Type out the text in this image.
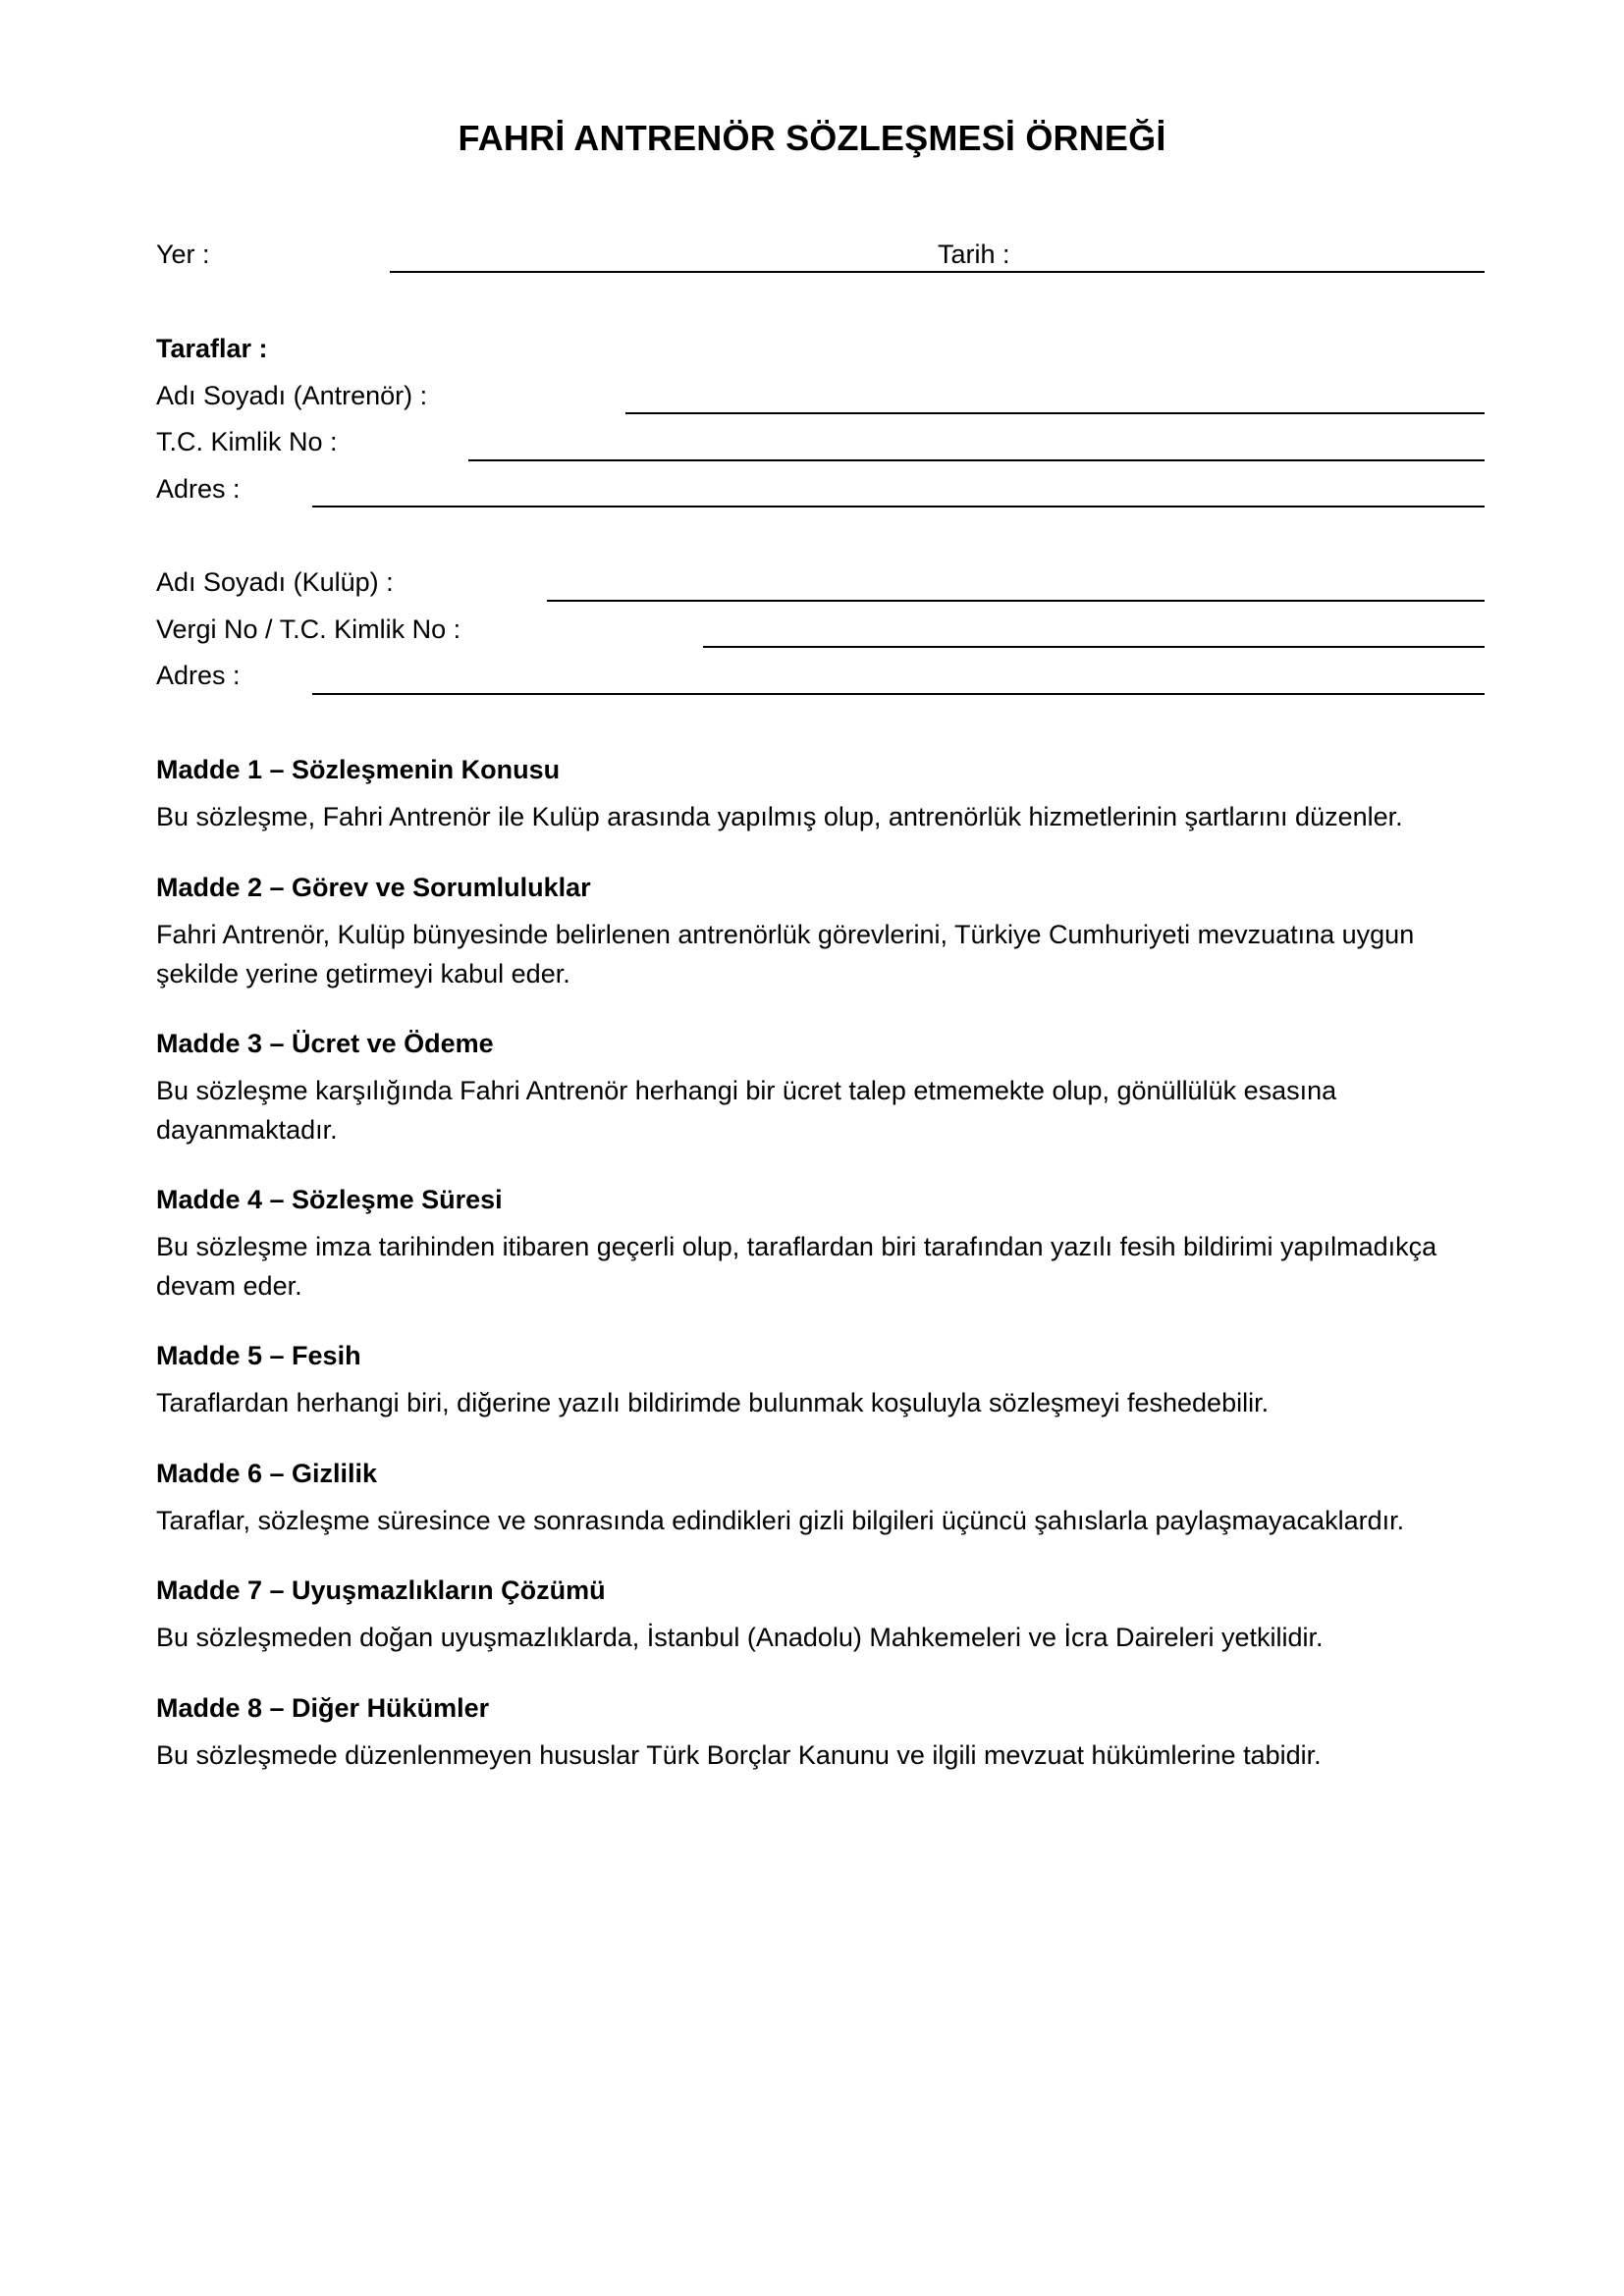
FAHRİ ANTRENÖR SÖZLEŞMESİ ÖRNEĞİ
Yer :	Tarih :
Taraflar :
Adı Soyadı (Antrenör) :
T.C. Kimlik No :
Adres :
Adı Soyadı (Kulüp) :
Vergi No / T.C. Kimlik No :
Adres :
Madde 1 – Sözleşmenin Konusu
Bu sözleşme, Fahri Antrenör ile Kulüp arasında yapılmış olup, antrenörlük hizmetlerinin şartlarını düzenler.
Madde 2 – Görev ve Sorumluluklar
Fahri Antrenör, Kulüp bünyesinde belirlenen antrenörlük görevlerini, Türkiye Cumhuriyeti mevzuatına uygun şekilde yerine getirmeyi kabul eder.
Madde 3 – Ücret ve Ödeme
Bu sözleşme karşılığında Fahri Antrenör herhangi bir ücret talep etmemekte olup, gönüllülük esasına dayanmaktadır.
Madde 4 – Sözleşme Süresi
Bu sözleşme imza tarihinden itibaren geçerli olup, taraflardan biri tarafından yazılı fesih bildirimi yapılmadıkça devam eder.
Madde 5 – Fesih
Taraflardan herhangi biri, diğerine yazılı bildirimde bulunmak koşuluyla sözleşmeyi feshedebilir.
Madde 6 – Gizlilik
Taraflar, sözleşme süresince ve sonrasında edindikleri gizli bilgileri üçüncü şahıslarla paylaşmayacaklardır.
Madde 7 – Uyuşmazlıkların Çözümü
Bu sözleşmeden doğan uyuşmazlıklarda, İstanbul (Anadolu) Mahkemeleri ve İcra Daireleri yetkilidir.
Madde 8 – Diğer Hükümler
Bu sözleşmede düzenlenmeyen hususlar Türk Borçlar Kanunu ve ilgili mevzuat hükümlerine tabidir.
